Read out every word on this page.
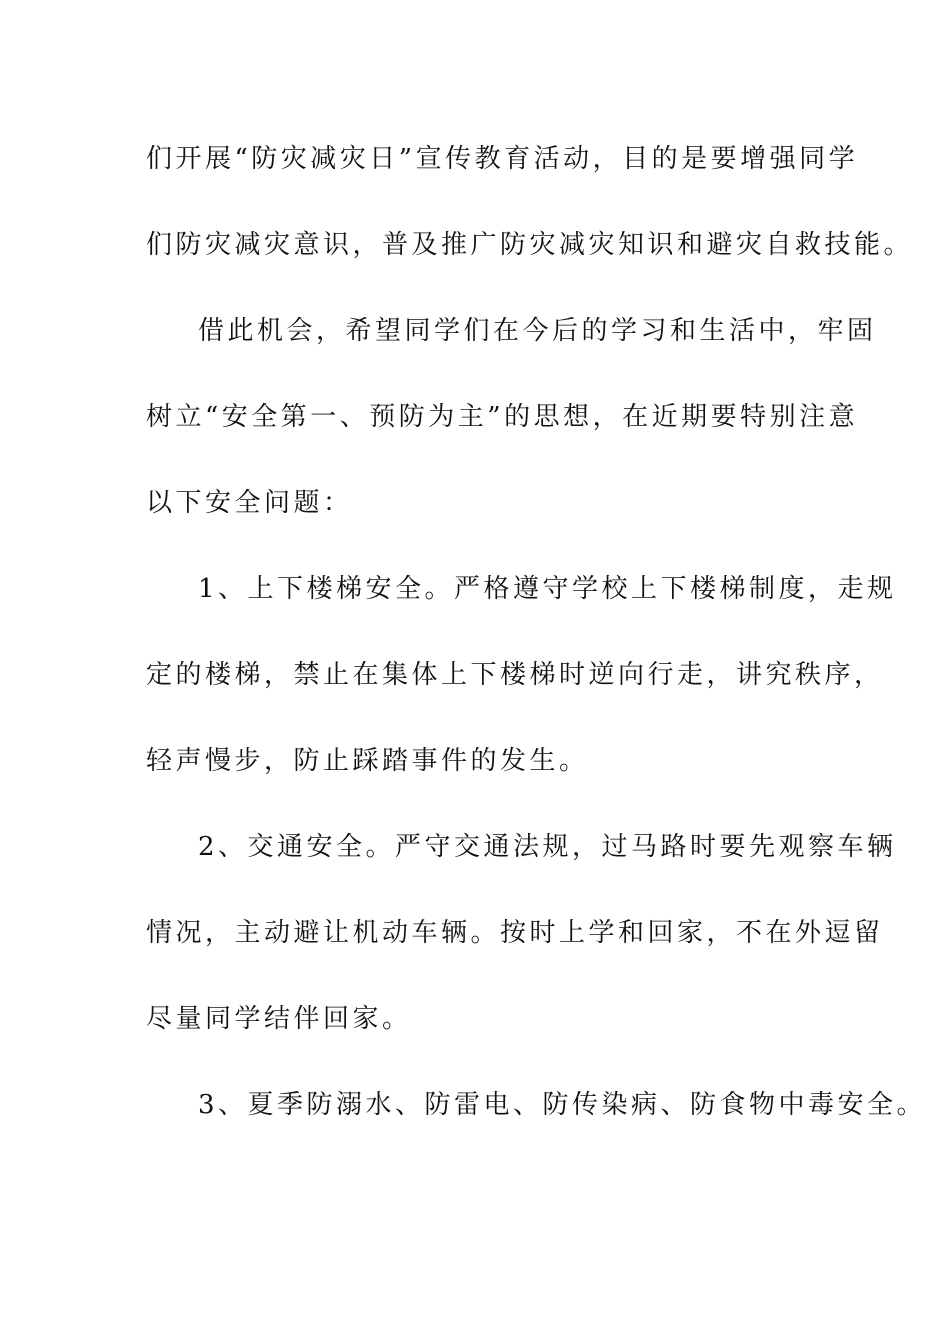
们开展“防灾减灾日”宣传教育活动，目的是要增强同学
们防灾减灾意识，普及推广防灾减灾知识和避灾自救技能。
借此机会，希望同学们在今后的学习和生活中，牢固
树立“安全第一、预防为主”的思想，在近期要特别注意
以下安全问题：
1、上下楼梯安全。严格遵守学校上下楼梯制度，走规
定的楼梯，禁止在集体上下楼梯时逆向行走，讲究秩序，
轻声慢步，防止踩踏事件的发生。
2、交通安全。严守交通法规，过马路时要先观察车辆
情况，主动避让机动车辆。按时上学和回家，不在外逗留
尽量同学结伴回家。
3、夏季防溺水、防雷电、防传染病、防食物中毒安全。
